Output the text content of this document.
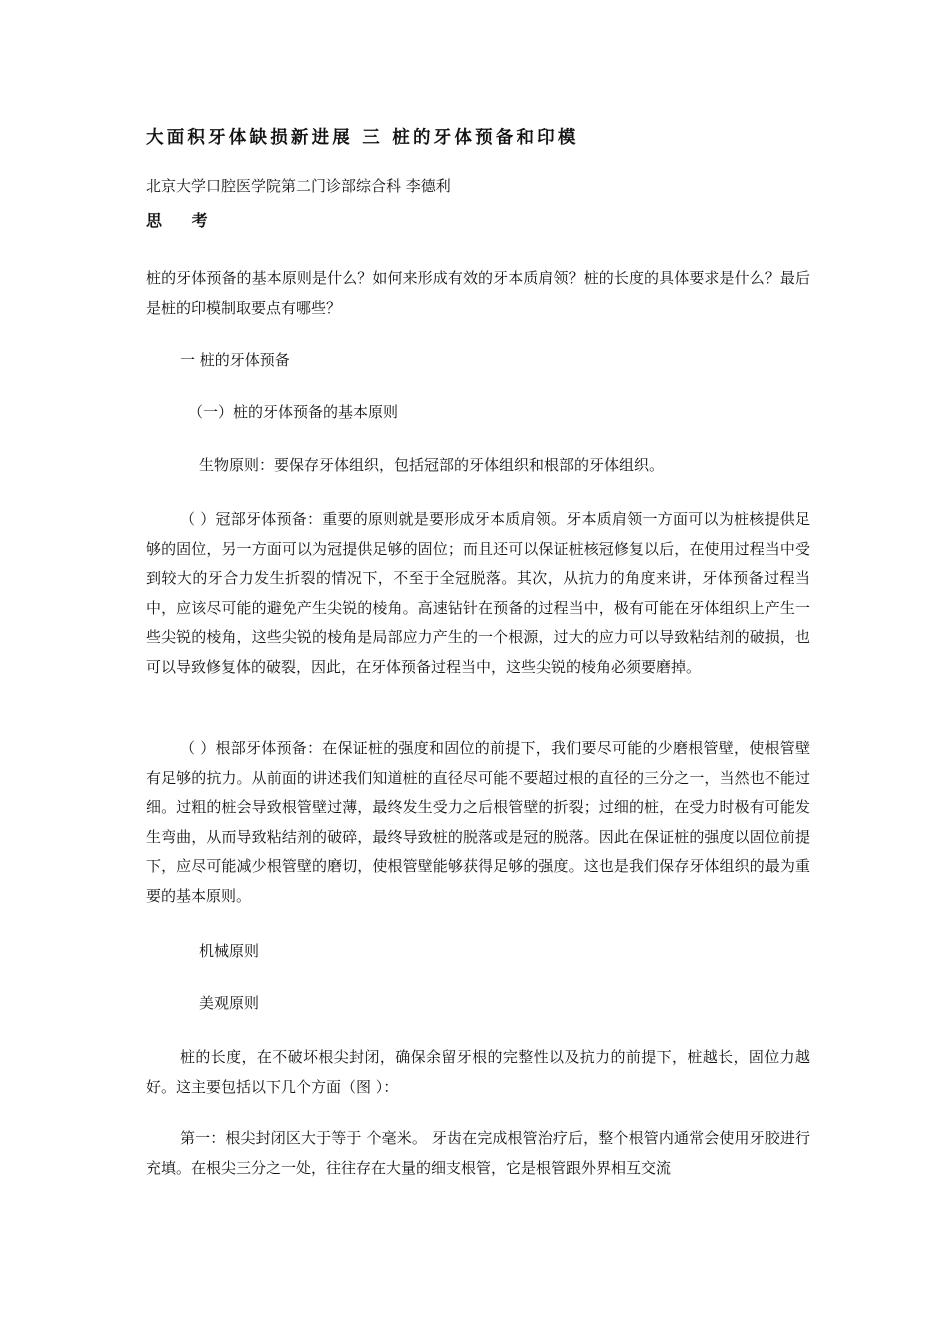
大面积牙体缺损新进展 三 桩的牙体预备和印模
北京大学口腔医学院第二门诊部综合科 李德利
思 考

桩的牙体预备的基本原则是什么？如何来形成有效的牙本质肩领？桩的长度的具体要求是什么？最后是桩的印模制取要点有哪些？

一 桩的牙体预备
（一）桩的牙体预备的基本原则
生物原则：要保存牙体组织，包括冠部的牙体组织和根部的牙体组织。

（ ）冠部牙体预备：重要的原则就是要形成牙本质肩领。牙本质肩领一方面可以为桩核提供足够的固位，另一方面可以为冠提供足够的固位；而且还可以保证桩核冠修复以后，在使用过程当中受到较大的牙合力发生折裂的情况下，不至于全冠脱落。其次，从抗力的角度来讲，牙体预备过程当中，应该尽可能的避免产生尖锐的棱角。高速钻针在预备的过程当中，极有可能在牙体组织上产生一些尖锐的棱角，这些尖锐的棱角是局部应力产生的一个根源，过大的应力可以导致粘结剂的破损，也可以导致修复体的破裂，因此，在牙体预备过程当中，这些尖锐的棱角必须要磨掉。

（ ）根部牙体预备：在保证桩的强度和固位的前提下，我们要尽可能的少磨根管壁，使根管壁有足够的抗力。从前面的讲述我们知道桩的直径尽可能不要超过根的直径的三分之一，当然也不能过细。过粗的桩会导致根管壁过薄，最终发生受力之后根管壁的折裂；过细的桩，在受力时极有可能发生弯曲，从而导致粘结剂的破碎，最终导致桩的脱落或是冠的脱落。因此在保证桩的强度以固位前提下，应尽可能减少根管壁的磨切，使根管壁能够获得足够的强度。这也是我们保存牙体组织的最为重要的基本原则。

机械原则
美观原则

桩的长度，在不破坏根尖封闭，确保余留牙根的完整性以及抗力的前提下，桩越长，固位力越好。这主要包括以下几个方面（图 ）：

第一：根尖封闭区大于等于 个毫米。 牙齿在完成根管治疗后，整个根管内通常会使用牙胶进行充填。在根尖三分之一处，往往存在大量的细支根管，它是根管跟外界相互交流
